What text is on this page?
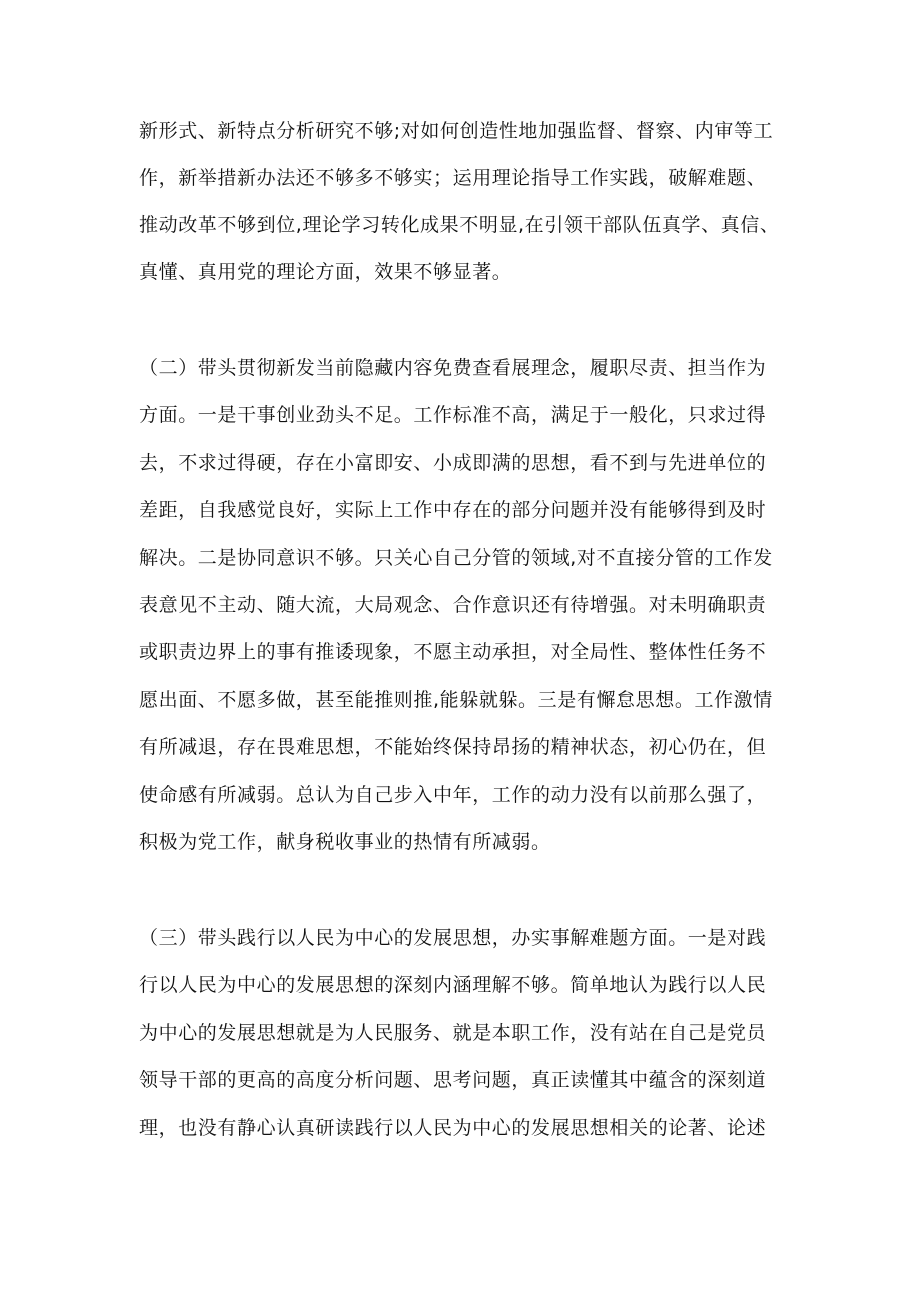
新形式、新特点分析研究不够;对如何创造性地加强监督、督察、内审等工
作，新举措新办法还不够多不够实；运用理论指导工作实践，破解难题、
推动改革不够到位,理论学习转化成果不明显,在引领干部队伍真学、真信、
真懂、真用党的理论方面，效果不够显著。
（二）带头贯彻新发当前隐藏内容免费查看展理念，履职尽责、担当作为
方面。一是干事创业劲头不足。工作标准不高，满足于一般化，只求过得
去，不求过得硬，存在小富即安、小成即满的思想，看不到与先进单位的
差距，自我感觉良好，实际上工作中存在的部分问题并没有能够得到及时
解决。二是协同意识不够。只关心自己分管的领域,对不直接分管的工作发
表意见不主动、随大流，大局观念、合作意识还有待增强。对未明确职责
或职责边界上的事有推诿现象，不愿主动承担，对全局性、整体性任务不
愿出面、不愿多做，甚至能推则推,能躲就躲。三是有懈怠思想。工作激情
有所减退，存在畏难思想，不能始终保持昂扬的精神状态，初心仍在，但
使命感有所减弱。总认为自己步入中年，工作的动力没有以前那么强了，
积极为党工作，献身税收事业的热情有所减弱。
（三）带头践行以人民为中心的发展思想，办实事解难题方面。一是对践
行以人民为中心的发展思想的深刻内涵理解不够。简单地认为践行以人民
为中心的发展思想就是为人民服务、就是本职工作，没有站在自己是党员
领导干部的更高的高度分析问题、思考问题，真正读懂其中蕴含的深刻道
理，也没有静心认真研读践行以人民为中心的发展思想相关的论著、论述
